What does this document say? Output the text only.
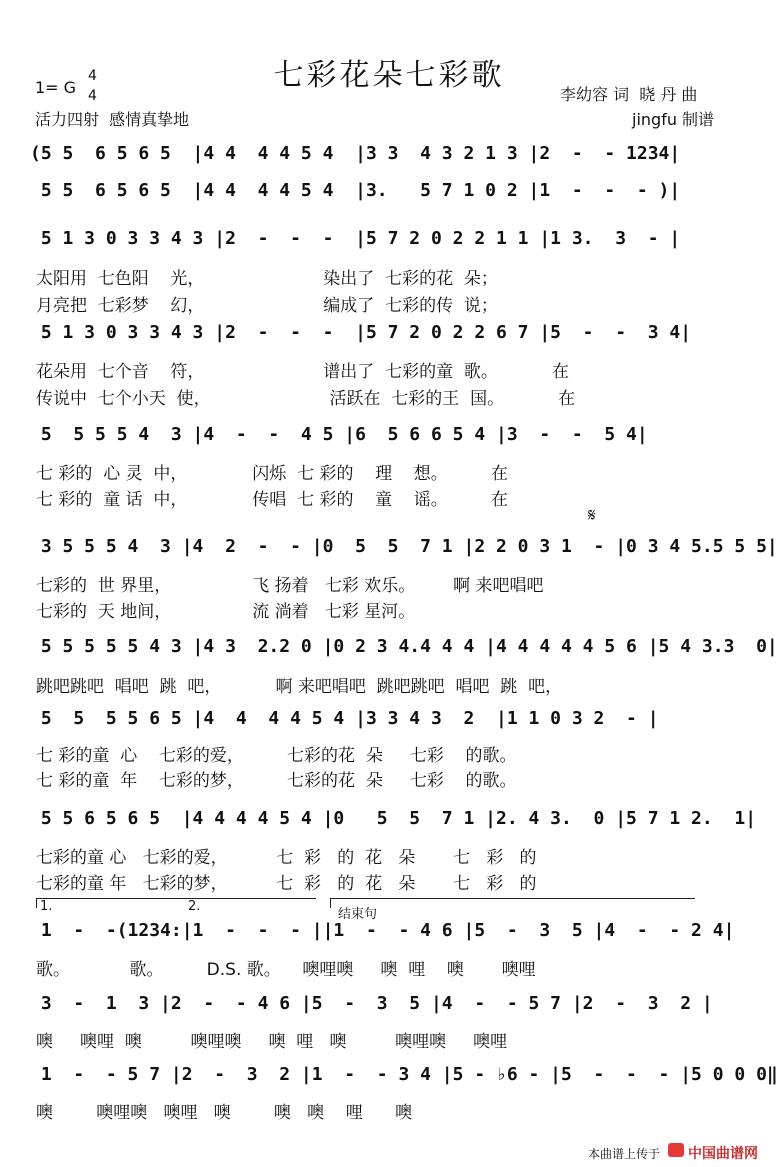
七彩花朵七彩歌
1= G
4
4	李幼容 词  晓 丹 曲
活力四射  感情真挚地	jingfu 制谱
(5 5  6 5 6 5  |4 4  4 4 5 4  |3 3  4 3 2 1 3 |2  -  - 1234|
5 5  6 5 6 5  |4 4  4 4 5 4  |3.   5 7 1 0 2 |1  -  -  - )|
5 1 3 0 3 3 4 3 |2  -  -  -  |5 7 2 0 2 2 1 1 |1 3.  3  - |
太阳用  七色阳    光，                      染出了  七彩的花  朵；
月亮把  七彩梦    幻，                      编成了  七彩的传  说；
5 1 3 0 3 3 4 3 |2  -  -  -  |5 7 2 0 2 2 6 7 |5  -  -  3 4|
花朵用  七个音    符，                      谱出了  七彩的童  歌。          在
传说中  七个小天  使，                      活跃在  七彩的王  国。          在
5  5 5 5 4  3 |4  -  -  4 5 |6  5 6 6 5 4 |3  -  -  5 4|
七 彩的  心 灵  中，            闪烁  七 彩的    理    想。        在
七 彩的  童 话  中，            传唱  七 彩的    童    谣。        在
𝄋
3 5 5 5 4  3 |4  2  -  - |0  5  5  7 1 |2 2 0 3 1  - |0 3 4 5.5 5 5|
七彩的  世 界里，               飞 扬着   七彩 欢乐。       啊 来吧唱吧
七彩的  天 地间，               流 淌着   七彩 星河。
5 5 5 5 5 4 3 |4 3  2.2 0 |0 2 3 4.4 4 4 |4 4 4 4 4 5 6 |5 4 3.3  0|
跳吧跳吧  唱吧  跳  吧，          啊 来吧唱吧  跳吧跳吧  唱吧  跳  吧，
5  5  5 5 6 5 |4  4  4 4 5 4 |3 3 4 3  2  |1 1 0 3 2  - |
七 彩的童  心    七彩的爱，        七彩的花  朵     七彩    的歌。
七 彩的童  年    七彩的梦，        七彩的花  朵     七彩    的歌。
5 5 6 5 6 5  |4 4 4 4 5 4 |0   5  5  7 1 |2. 4 3.  0 |5 7 1 2.  1|
七彩的童 心   七彩的爱，         七  彩   的  花   朵       七   彩   的
七彩的童 年   七彩的梦，         七  彩   的  花   朵       七   彩   的
1.	2.
结束句
1  -  -(1234:|1  -  -  - ||1  -  - 4 6 |5  -  3  5 |4  -  - 2 4|
歌。           歌。        D.S. 歌。    噢哩噢     噢  哩    噢       噢哩
3  -  1  3 |2  -  - 4 6 |5  -  3  5 |4  -  - 5 7 |2  -  3  2 |
噢     噢哩  噢         噢哩噢     噢  哩   噢         噢哩噢     噢哩
1  -  - 5 7 |2  -  3  2 |1  -  - 3 4 |5 - ♭6 - |5  -  -  - |5 0 0 0‖
噢        噢哩噢   噢哩   噢        噢   噢    哩      噢
本曲谱上传于 中国曲谱网
